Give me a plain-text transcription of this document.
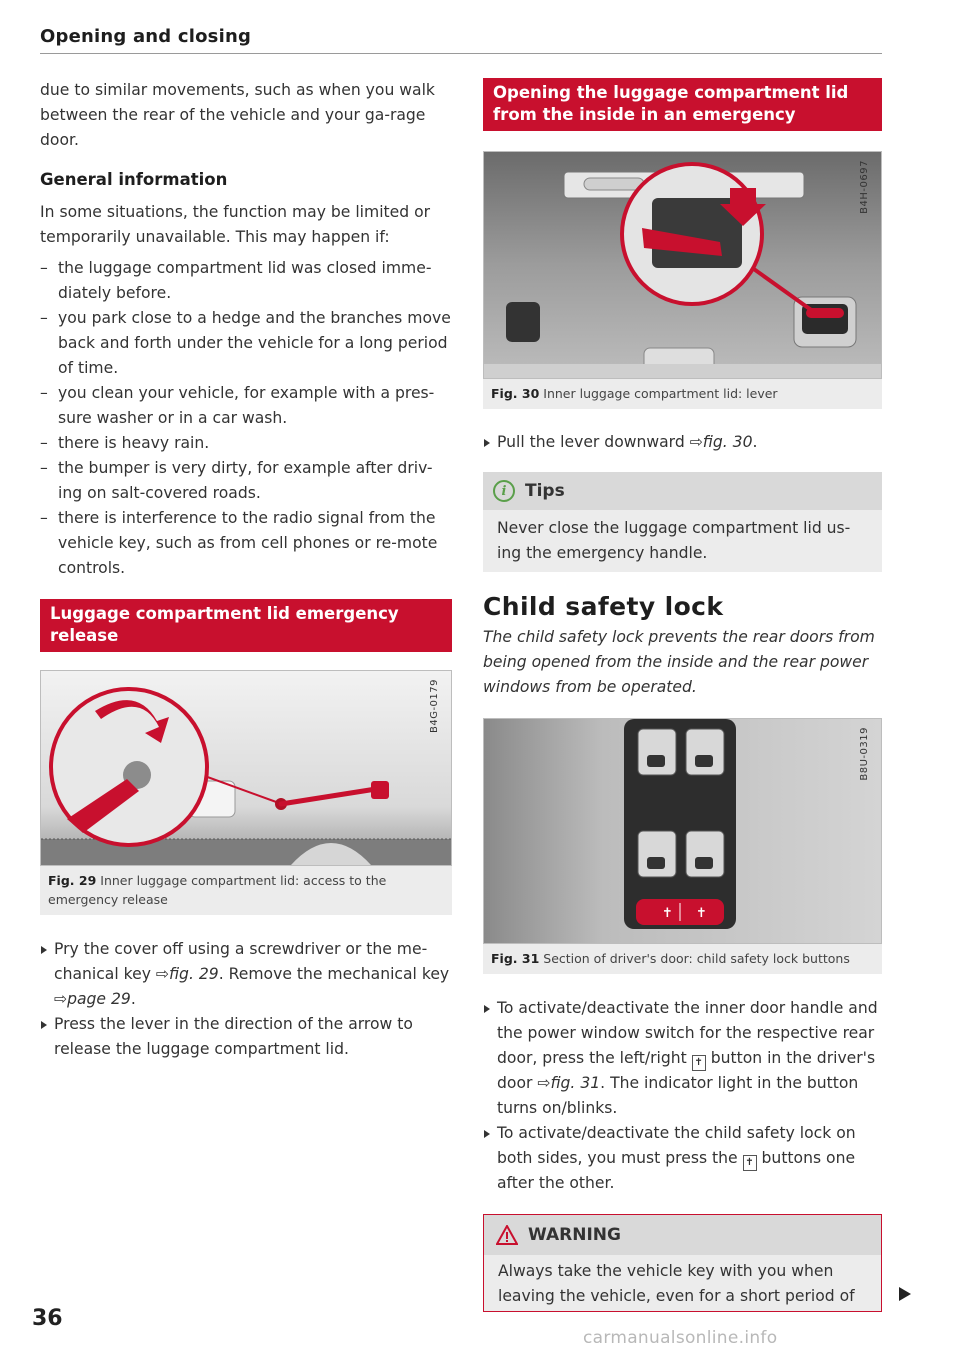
Opening and closing

due to similar movements, such as when you walk between the rear of the vehicle and your ga-rage door.

General information

In some situations, the function may be limited or temporarily unavailable. This may happen if:

– the luggage compartment lid was closed imme-diately before.
– you park close to a hedge and the branches move back and forth under the vehicle for a long period of time.
– you clean your vehicle, for example with a pres-sure washer or in a car wash.
– there is heavy rain.
– the bumper is very dirty, for example after driv-ing on salt-covered roads.
– there is interference to the radio signal from the vehicle key, such as from cell phones or re-mote controls.
Luggage compartment lid emergency release
B4G-0179
Fig. 29 Inner luggage compartment lid: access to the emergency release
Pry the cover off using a screwdriver or the me-chanical key ⇨fig. 29. Remove the mechanical key ⇨page 29.
Press the lever in the direction of the arrow to release the luggage compartment lid.
Opening the luggage compartment lid from the inside in an emergency
B4H-0697
Fig. 30 Inner luggage compartment lid: lever
Pull the lever downward ⇨fig. 30.
i	Tips
Never close the luggage compartment lid us-ing the emergency handle.
Child safety lock

The child safety lock prevents the rear doors from being opened from the inside and the rear power windows from be operated.

✝ ✝
B8U-0319
Fig. 31 Section of driver's door: child safety lock buttons
To activate/deactivate the inner door handle and the power window switch for the respective rear door, press the left/right ✝ button in the driver's door ⇨fig. 31. The indicator light in the button turns on/blinks.
To activate/deactivate the child safety lock on both sides, you must press the ✝ buttons one after the other.
WARNING
Always take the vehicle key with you when leaving the vehicle, even for a short period of
36
carmanualsonline.info
